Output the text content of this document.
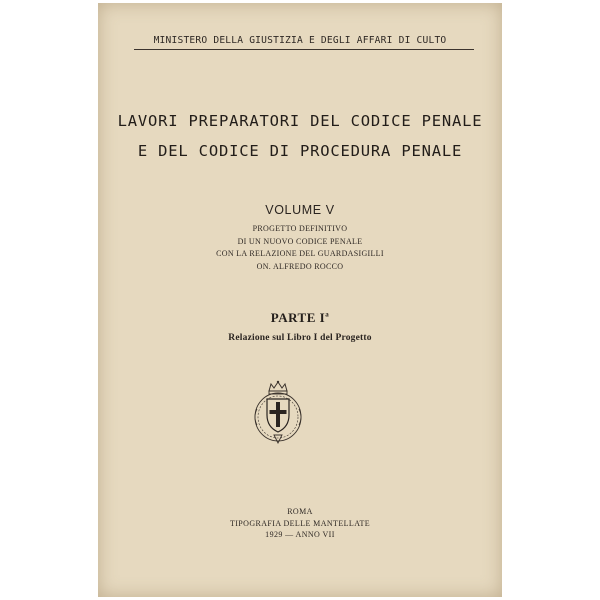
MINISTERO DELLA GIUSTIZIA E DEGLI AFFARI DI CULTO
LAVORI PREPARATORI DEL CODICE PENALE
E DEL CODICE DI PROCEDURA PENALE
VOLUME V
PROGETTO DEFINITIVO
DI UN NUOVO CODICE PENALE
CON LA RELAZIONE DEL GUARDASIGILLI
ON. ALFREDO ROCCO
PARTE $I^a$
Relazione sul Libro I del Progetto
ROMA
TIPOGRAFIA DELLE MANTELLATE
1929 — ANNO VII
